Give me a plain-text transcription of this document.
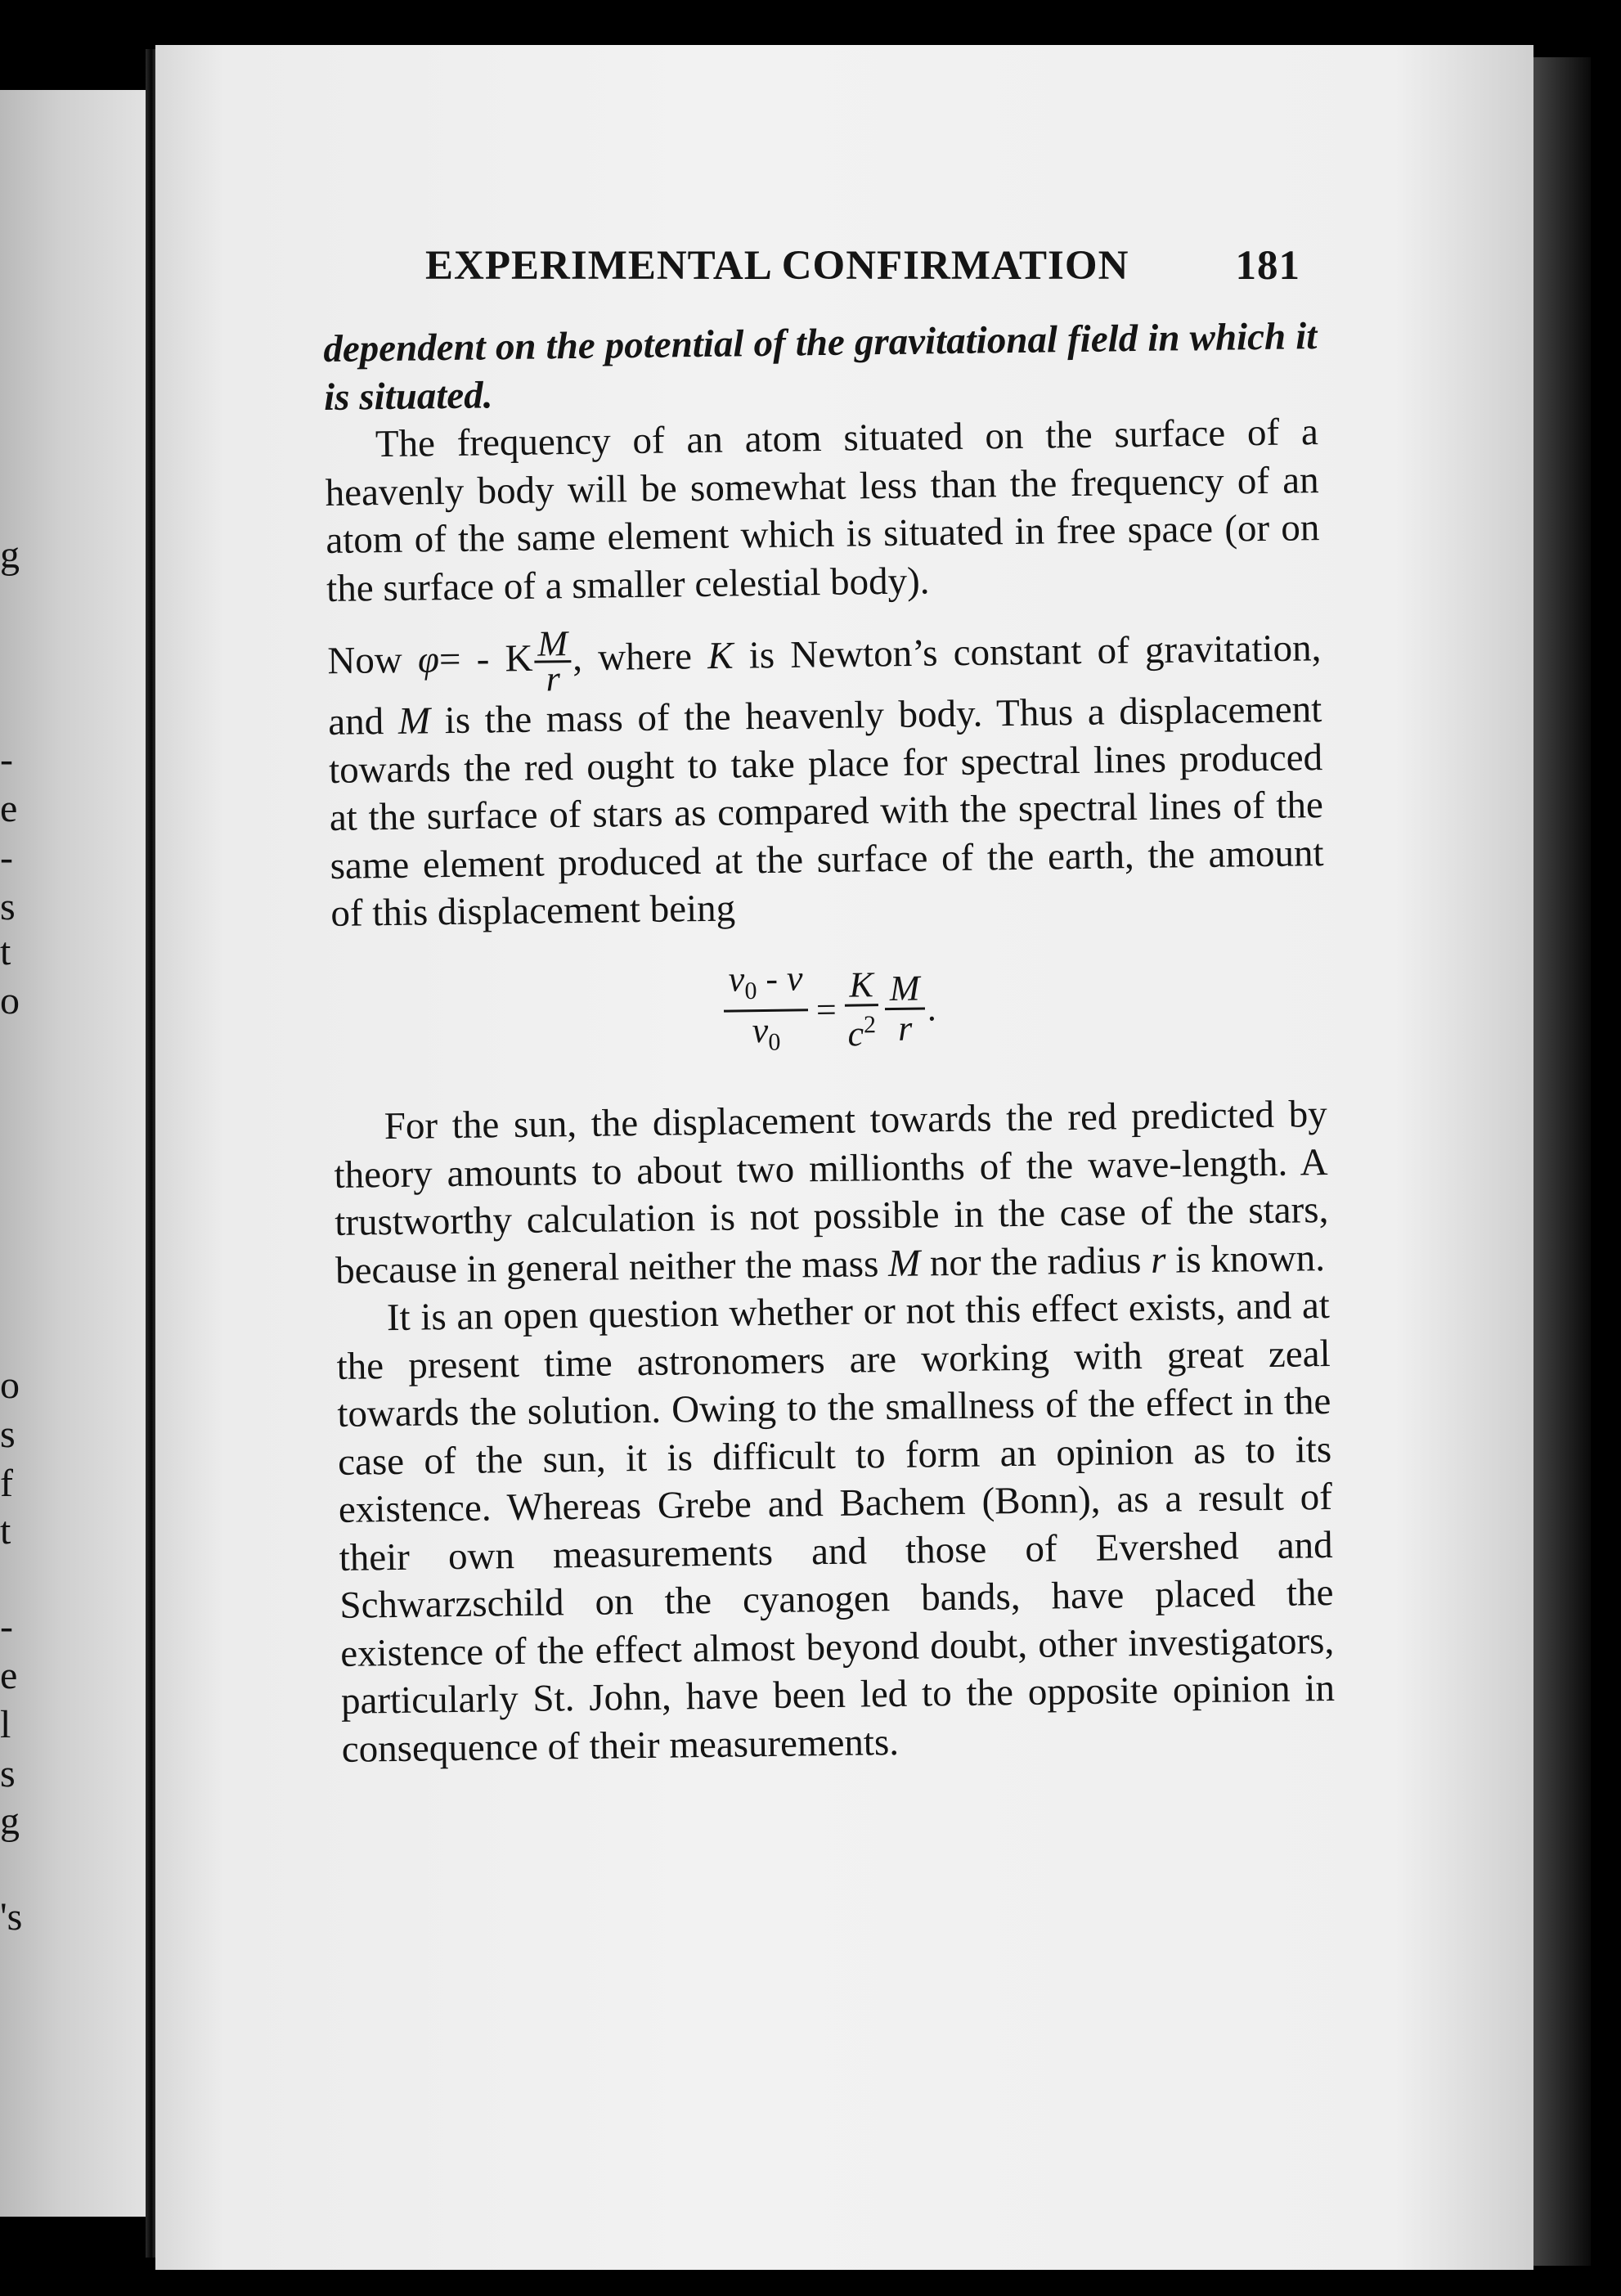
g
-
e
-
s
t
o
o
s
f
t
-
e
l
s
g
's
EXPERIMENTAL CONFIRMATION	181

dependent on the potential of the gravitational field in which it is situated.

The frequency of an atom situated on the surface of a heavenly body will be somewhat less than the frequency of an atom of the same element which is situated in free space (or on the surface of a smaller celestial body).

Now φ= - K $\frac{M}{r}$ , where K is Newton’s constant of gravitation, and M is the mass of the heavenly body. Thus a displacement towards the red ought to take place for spectral lines produced at the surface of stars as compared with the spectral lines of the same element produced at the surface of the earth, the amount of this displacement being

$\frac{\nu_0 - \nu}{\nu_0} = \frac{K}{c^2} \frac{M}{r}$ .

For the sun, the displacement towards the red predicted by theory amounts to about two millionths of the wave-length. A trustworthy calculation is not possible in the case of the stars, because in general neither the mass M nor the radius r is known.

It is an open question whether or not this effect exists, and at the present time astronomers are working with great zeal towards the solution. Owing to the smallness of the effect in the case of the sun, it is difficult to form an opinion as to its existence. Whereas Grebe and Bachem (Bonn), as a result of their own measurements and those of Evershed and Schwarzschild on the cyanogen bands, have placed the existence of the effect almost beyond doubt, other investigators, particularly St. John, have been led to the opposite opinion in consequence of their measurements.
